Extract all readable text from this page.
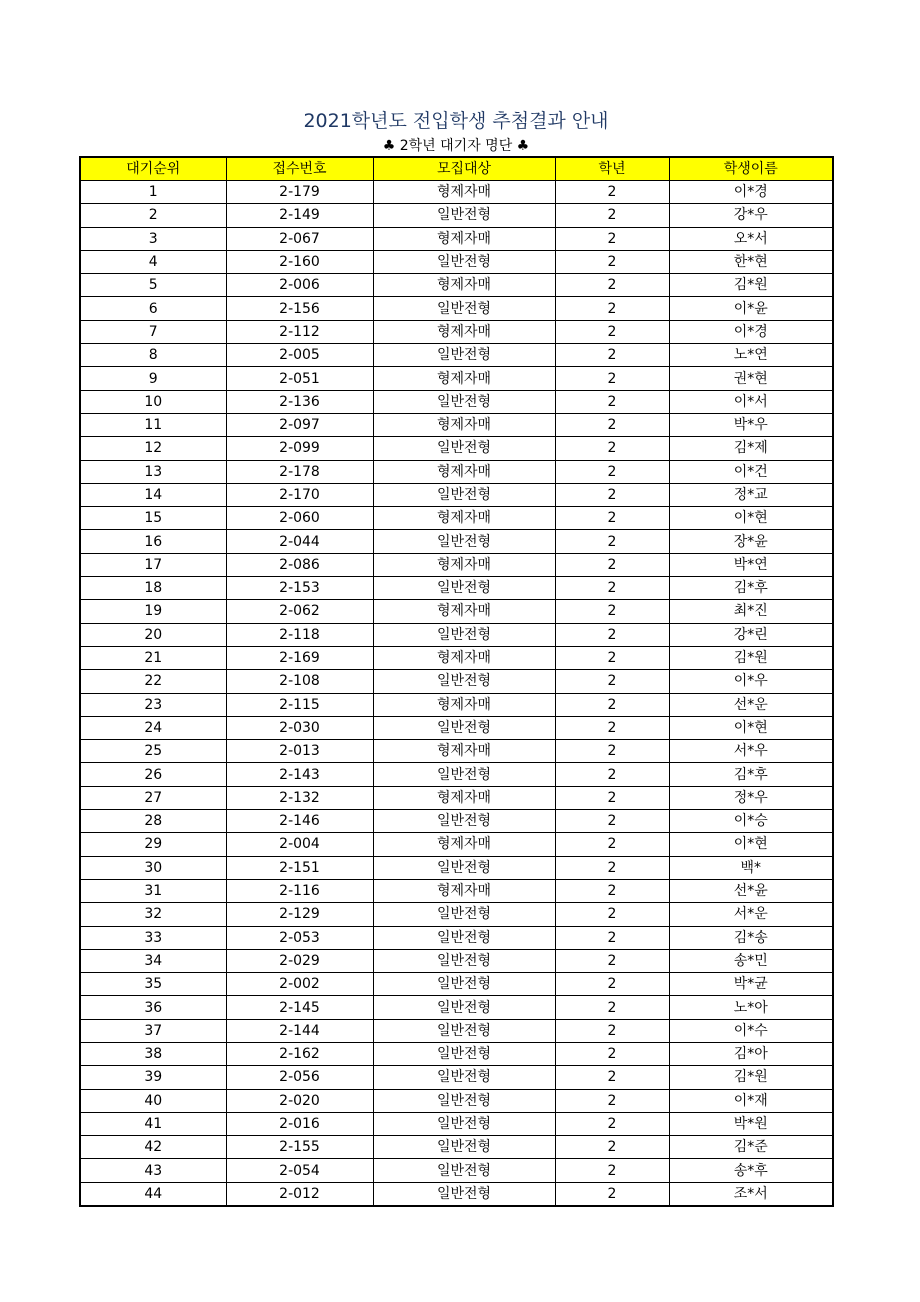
2021학년도 전입학생 추첨결과 안내
♣ 2학년 대기자 명단 ♣
대기순위	접수번호	모집대상	학년	학생이름
1	2-179	형제자매	2	이*경
2	2-149	일반전형	2	강*우
3	2-067	형제자매	2	오*서
4	2-160	일반전형	2	한*현
5	2-006	형제자매	2	김*원
6	2-156	일반전형	2	이*윤
7	2-112	형제자매	2	이*경
8	2-005	일반전형	2	노*연
9	2-051	형제자매	2	권*현
10	2-136	일반전형	2	이*서
11	2-097	형제자매	2	박*우
12	2-099	일반전형	2	김*제
13	2-178	형제자매	2	이*건
14	2-170	일반전형	2	정*교
15	2-060	형제자매	2	이*현
16	2-044	일반전형	2	장*윤
17	2-086	형제자매	2	박*연
18	2-153	일반전형	2	김*후
19	2-062	형제자매	2	최*진
20	2-118	일반전형	2	강*린
21	2-169	형제자매	2	김*원
22	2-108	일반전형	2	이*우
23	2-115	형제자매	2	선*운
24	2-030	일반전형	2	이*현
25	2-013	형제자매	2	서*우
26	2-143	일반전형	2	김*후
27	2-132	형제자매	2	정*우
28	2-146	일반전형	2	이*승
29	2-004	형제자매	2	이*현
30	2-151	일반전형	2	백*
31	2-116	형제자매	2	선*윤
32	2-129	일반전형	2	서*운
33	2-053	일반전형	2	김*송
34	2-029	일반전형	2	송*민
35	2-002	일반전형	2	박*균
36	2-145	일반전형	2	노*아
37	2-144	일반전형	2	이*수
38	2-162	일반전형	2	김*아
39	2-056	일반전형	2	김*원
40	2-020	일반전형	2	이*재
41	2-016	일반전형	2	박*원
42	2-155	일반전형	2	김*준
43	2-054	일반전형	2	송*후
44	2-012	일반전형	2	조*서
